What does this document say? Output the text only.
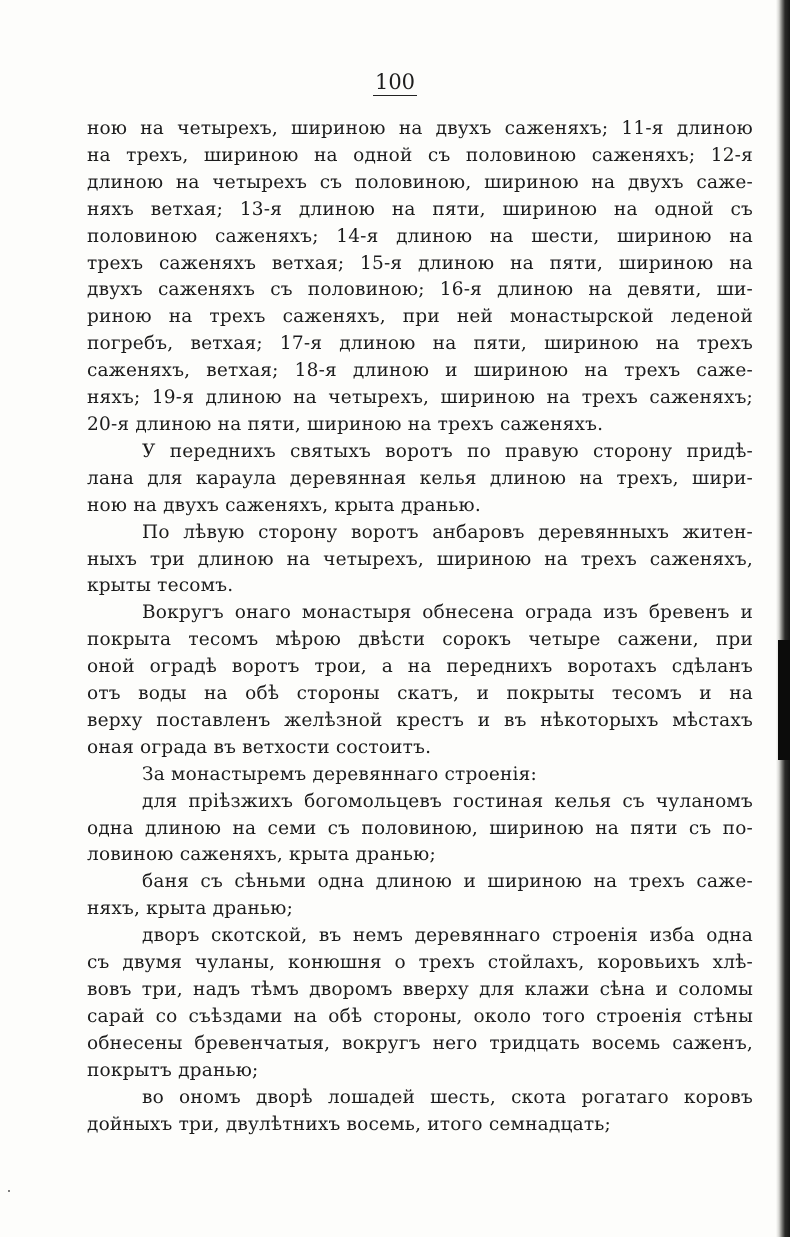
100
ною на четырехъ, шириною на двухъ саженяхъ; 11-я длиною
на трехъ, шириною на одной съ половиною саженяхъ; 12-я
длиною на четырехъ съ половиною, шириною на двухъ саже-
няхъ ветхая; 13-я длиною на пяти, шириною на одной съ
половиною саженяхъ; 14-я длиною на шести, шириною на
трехъ саженяхъ ветхая; 15-я длиною на пяти, шириною на
двухъ саженяхъ съ половиною; 16-я длиною на девяти, ши-
риною на трехъ саженяхъ, при ней монастырской леденой
погребъ, ветхая; 17-я длиною на пяти, шириною на трехъ
саженяхъ, ветхая; 18-я длиною и шириною на трехъ саже-
няхъ; 19-я длиною на четырехъ, шириною на трехъ саженяхъ;
20-я длиною на пяти, шириною на трехъ саженяхъ.
У переднихъ святыхъ воротъ по правую сторону придѣ-
лана для караула деревянная келья длиною на трехъ, шири-
ною на двухъ саженяхъ, крыта дранью.
По лѣвую сторону воротъ анбаровъ деревянныхъ житен-
ныхъ три длиною на четырехъ, шириною на трехъ саженяхъ,
крыты тесомъ.
Вокругъ онаго монастыря обнесена ограда изъ бревенъ и
покрыта тесомъ мѣрою двѣсти сорокъ четыре сажени, при
оной оградѣ воротъ трои, а на переднихъ воротахъ сдѣланъ
отъ воды на обѣ стороны скатъ, и покрыты тесомъ и на
верху поставленъ желѣзной крестъ и въ нѣкоторыхъ мѣстахъ
оная ограда въ ветхости состоитъ.
За монастыремъ деревяннаго строенія:
для пріѣзжихъ богомольцевъ гостиная келья съ чуланомъ
одна длиною на семи съ половиною, шириною на пяти съ по-
ловиною саженяхъ, крыта дранью;
баня съ сѣньми одна длиною и шириною на трехъ саже-
няхъ, крыта дранью;
дворъ скотской, въ немъ деревяннаго строенія изба одна
съ двумя чуланы, конюшня о трехъ стойлахъ, коровьихъ хлѣ-
вовъ три, надъ тѣмъ дворомъ вверху для клажи сѣна и соломы
сарай со съѣздами на обѣ стороны, около того строенія стѣны
обнесены бревенчатыя, вокругъ него тридцать восемь саженъ,
покрытъ дранью;
во ономъ дворѣ лошадей шесть, скота рогатаго коровъ
дойныхъ три, двулѣтнихъ восемь, итого семнадцать;
